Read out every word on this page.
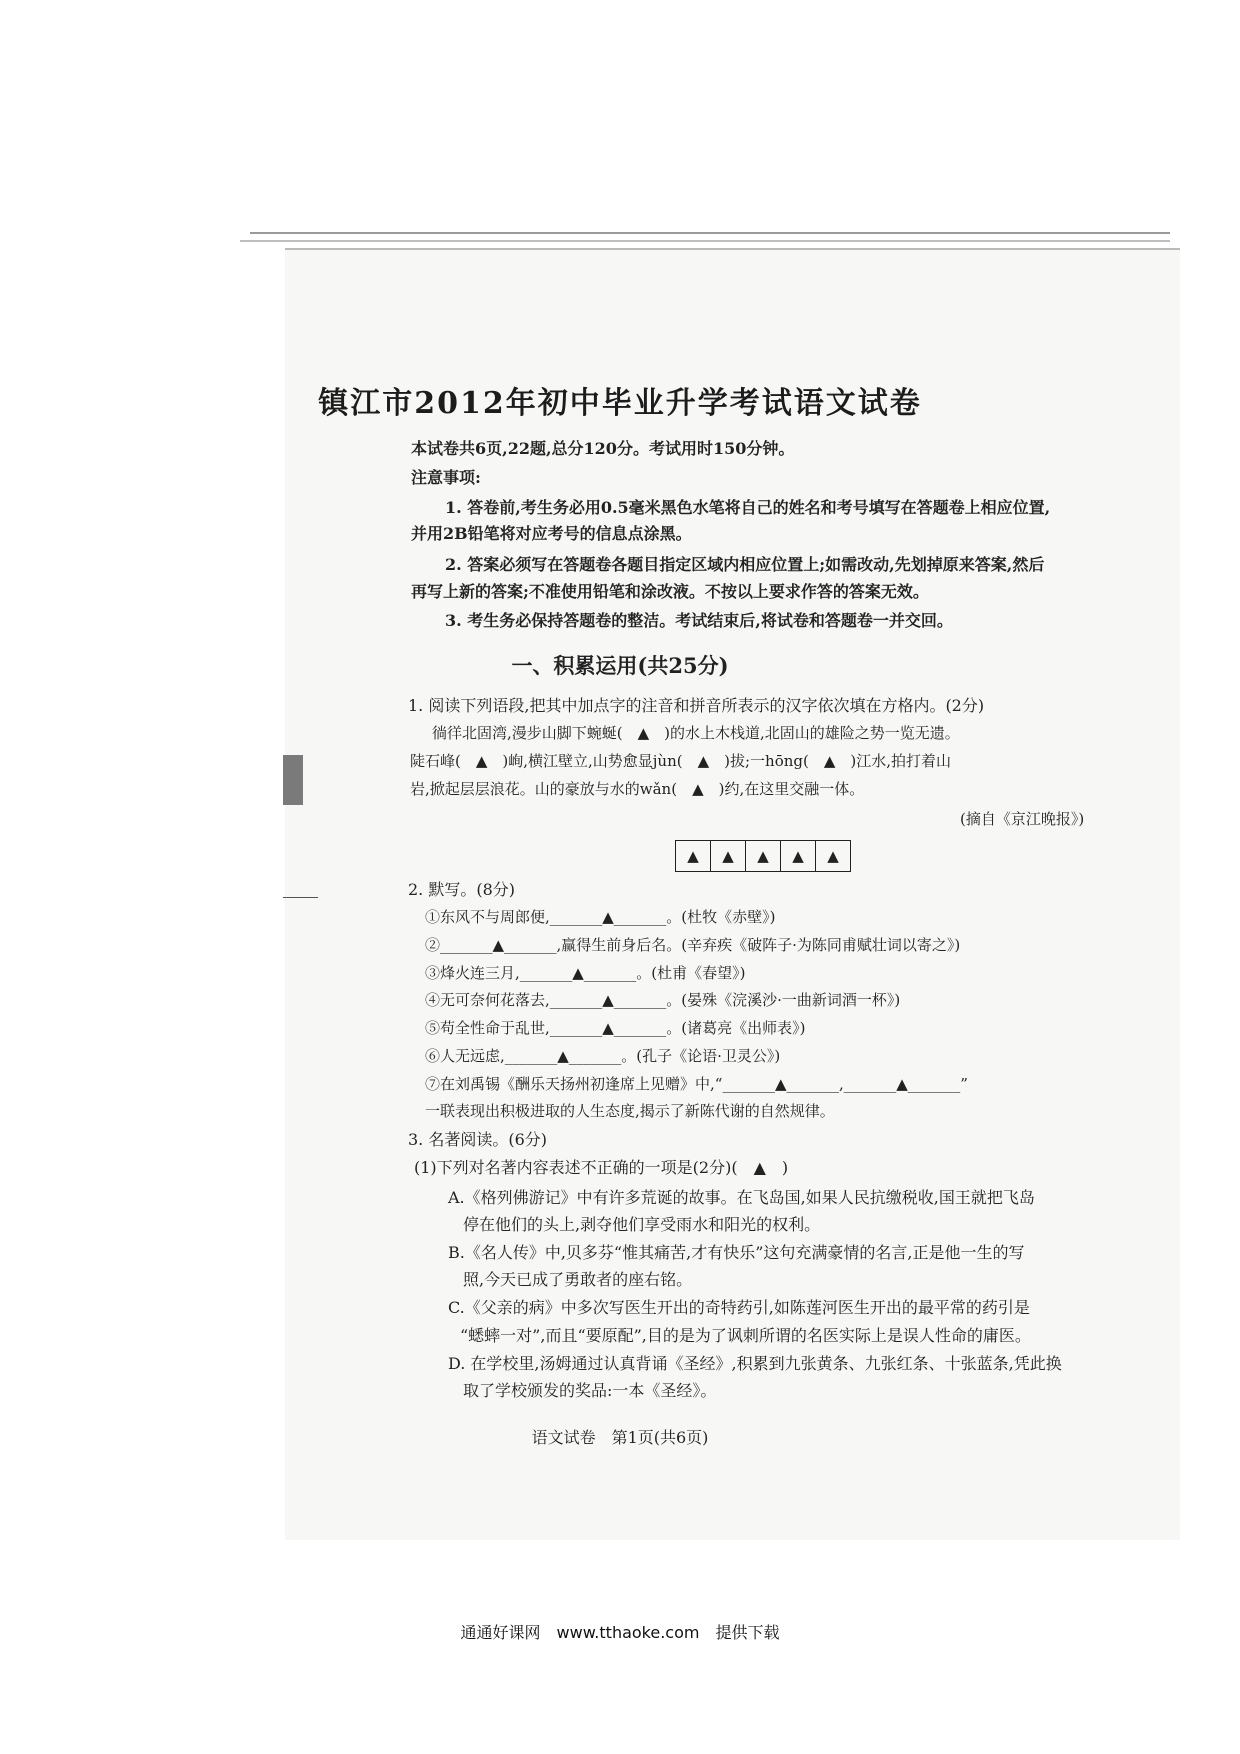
镇江市2012年初中毕业升学考试语文试卷
本试卷共6页,22题,总分120分。考试用时150分钟。
注意事项:
1. 答卷前,考生务必用0.5毫米黑色水笔将自己的姓名和考号填写在答题卷上相应位置,
并用2B铅笔将对应考号的信息点涂黑。
2. 答案必须写在答题卷各题目指定区域内相应位置上;如需改动,先划掉原来答案,然后
再写上新的答案;不准使用铅笔和涂改液。不按以上要求作答的答案无效。
3. 考生务必保持答题卷的整洁。考试结束后,将试卷和答题卷一并交回。
一、积累运用(共25分)
1. 阅读下列语段,把其中加点字的注音和拼音所表示的汉字依次填在方格内。(2分)
徜徉北固湾,漫步山脚下蜿蜒(　▲　)的水上木栈道,北固山的雄险之势一览无遗。
陡石峰(　▲　)峋,横江壁立,山势愈显jùn(　▲　)拔;一hōng(　▲　)江水,拍打着山
岩,掀起层层浪花。山的豪放与水的wǎn(　▲　)约,在这里交融一体。
(摘自《京江晚报》)
▲	▲	▲	▲	▲
2. 默写。(8分)
①东风不与周郎便,_______▲_______。(杜牧《赤壁》)
②_______▲_______,赢得生前身后名。(辛弃疾《破阵子·为陈同甫赋壮词以寄之》)
③烽火连三月,_______▲_______。(杜甫《春望》)
④无可奈何花落去,_______▲_______。(晏殊《浣溪沙·一曲新词酒一杯》)
⑤苟全性命于乱世,_______▲_______。(诸葛亮《出师表》)
⑥人无远虑,_______▲_______。(孔子《论语·卫灵公》)
⑦在刘禹锡《酬乐天扬州初逢席上见赠》中,“_______▲_______,_______▲_______”
一联表现出积极进取的人生态度,揭示了新陈代谢的自然规律。
3. 名著阅读。(6分)
(1)下列对名著内容表述不正确的一项是(2分)(　▲　)
A.《格列佛游记》中有许多荒诞的故事。在飞岛国,如果人民抗缴税收,国王就把飞岛
停在他们的头上,剥夺他们享受雨水和阳光的权利。
B.《名人传》中,贝多芬“惟其痛苦,才有快乐”这句充满豪情的名言,正是他一生的写
照,今天已成了勇敢者的座右铭。
C.《父亲的病》中多次写医生开出的奇特药引,如陈莲河医生开出的最平常的药引是
“蟋蟀一对”,而且“要原配”,目的是为了讽刺所谓的名医实际上是误人性命的庸医。
D. 在学校里,汤姆通过认真背诵《圣经》,积累到九张黄条、九张红条、十张蓝条,凭此换
取了学校颁发的奖品:一本《圣经》。
语文试卷　第1页(共6页)
通通好课网　www.tthaoke.com　提供下载
